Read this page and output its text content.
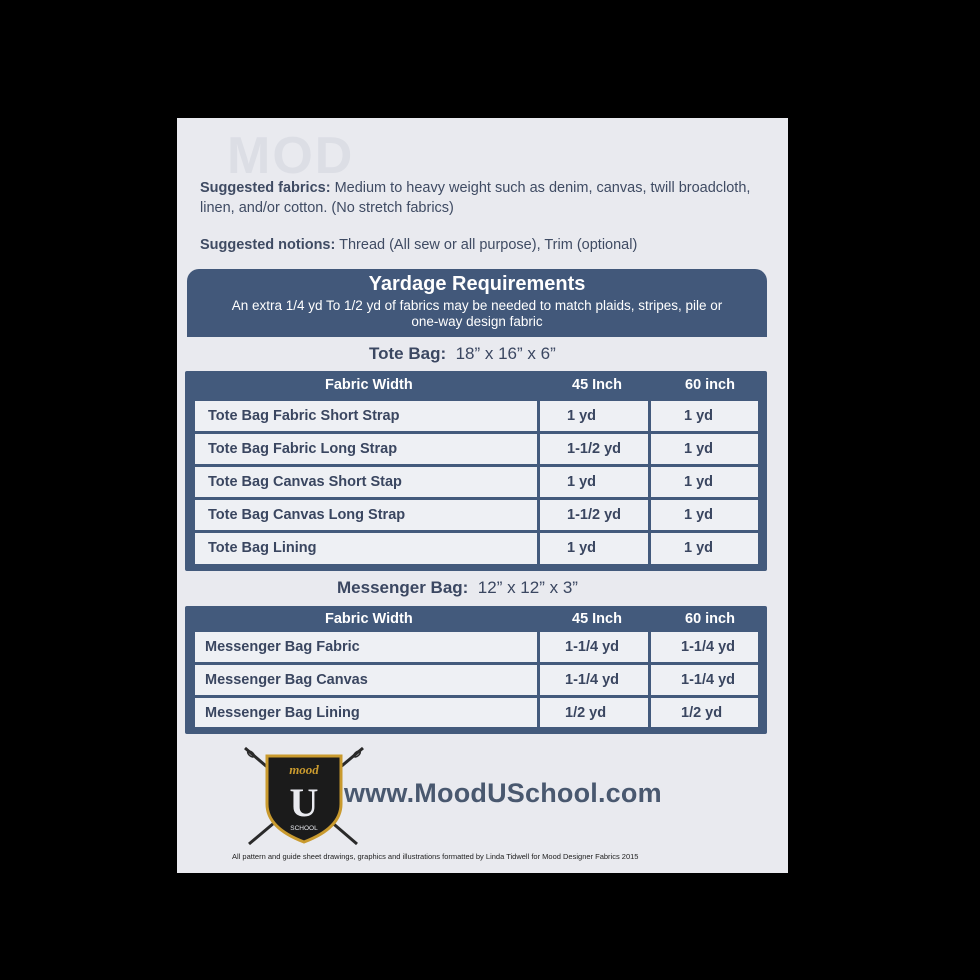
MOD
Suggested fabrics: Medium to heavy weight such as denim, canvas, twill broadcloth, linen, and/or cotton. (No stretch fabrics)
Suggested notions: Thread (All sew or all purpose), Trim (optional)
Yardage Requirements
An extra 1/4 yd To 1/2 yd of fabrics may be needed to match plaids, stripes, pile or one-way design fabric
Tote Bag: 18” x 16” x 6”
Fabric Width	45 Inch	60 inch
Tote Bag Fabric Short Strap	1 yd	1 yd
Tote Bag Fabric Long Strap	1-1/2 yd	1 yd
Tote Bag Canvas Short Stap	1 yd	1 yd
Tote Bag Canvas Long Strap	1-1/2 yd	1 yd
Tote Bag Lining	1 yd	1 yd
Messenger Bag: 12” x 12” x 3”
Fabric Width	45 Inch	60 inch
Messenger Bag Fabric	1-1/4 yd	1-1/4 yd
Messenger Bag Canvas	1-1/4 yd	1-1/4 yd
Messenger Bag Lining	1/2 yd	1/2 yd
mood
U
SCHOOL
www.MoodUSchool.com
All pattern and guide sheet drawings, graphics and illustrations formatted by Linda Tidwell for Mood Designer Fabrics 2015
